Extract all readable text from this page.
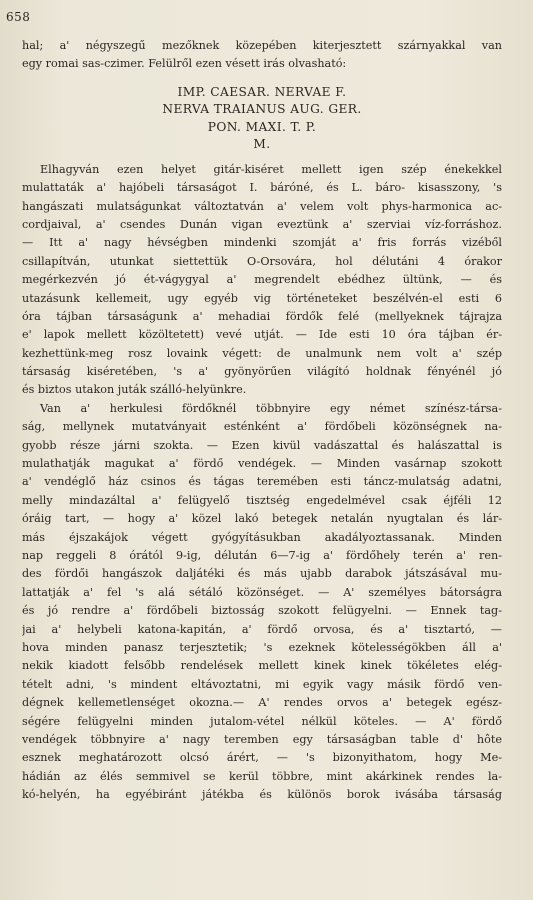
658
hal; a' négyszegű mezőknek közepében kiterjesztett szárnyakkal van
egy romai sas-czimer. Felülről ezen vésett irás olvasható:
IMP. CAESAR. NERVAE F.
NERVA TRAIANUS AUG. GER.
PON. MAXI. T. P.
M.
Elhagyván ezen helyet gitár-kiséret mellett igen szép énekekkel
mulattaták a' hajóbeli társaságot I. báróné, és L. báro- kisasszony, 's
hangászati mulatságunkat változtatván a' velem volt phys-harmonica ac-
cordjaival, a' csendes Dunán vigan eveztünk a' szerviai víz-forráshoz.
— Itt a' nagy hévségben mindenki szomját a' fris forrás vizéből
csillapítván, utunkat siettettük O-Orsovára, hol délutáni 4 órakor
megérkezvén jó ét-vágygyal a' megrendelt ebédhez ültünk, — és
utazásunk kellemeit, ugy egyéb vig történeteket beszélvén-el esti 6
óra tájban társaságunk a' mehadiai fördők felé (mellyeknek tájrajza
e' lapok mellett közöltetett) vevé utját. — Ide esti 10 óra tájban ér-
kezhettünk-meg rosz lovaink végett: de unalmunk nem volt a' szép
társaság kiséretében, 's a' gyönyörűen világító holdnak fényénél jó
és biztos utakon juták szálló-helyünkre.
Van a' herkulesi fördőknél többnyire egy német színész-társa-
ság, mellynek mutatványait esténként a' fördőbeli közönségnek na-
gyobb része járni szokta. — Ezen kivül vadászattal és halászattal is
mulathatják magukat a' fördő vendégek. — Minden vasárnap szokott
a' vendéglő ház csinos és tágas teremében esti táncz-mulatság adatni,
melly mindazáltal a' felügyelő tisztség engedelmével csak éjféli 12
óráig tart, — hogy a' közel lakó betegek netalán nyugtalan és lár-
más éjszakájok végett gyógyításukban akadályoztassanak. Minden
nap reggeli 8 órától 9-ig, délután 6—7-ig a' fördőhely terén a' ren-
des fördői hangászok daljátéki és más ujabb darabok játszásával mu-
lattatják a' fel 's alá sétáló közönséget. — A' személyes bátorságra
és jó rendre a' fördőbeli biztosság szokott felügyelni. — Ennek tag-
jai a' helybeli katona-kapitán, a' fördő orvosa, és a' tisztartó, —
hova minden panasz terjesztetik; 's ezeknek kötelességökben áll a'
nekik kiadott felsőbb rendelések mellett kinek kinek tökéletes elég-
tételt adni, 's mindent eltávoztatni, mi egyik vagy másik fördő ven-
dégnek kellemetlenséget okozna.— A' rendes orvos a' betegek egész-
ségére felügyelni minden jutalom-vétel nélkül köteles. — A' fördő
vendégek többnyire a' nagy teremben egy társaságban table d' hôte
esznek meghatározott olcsó árért, — 's bizonyithatom, hogy Me-
hádián az élés semmivel se kerül többre, mint akárkinek rendes la-
kó-helyén, ha egyébiránt játékba és különös borok ivásába társaság
